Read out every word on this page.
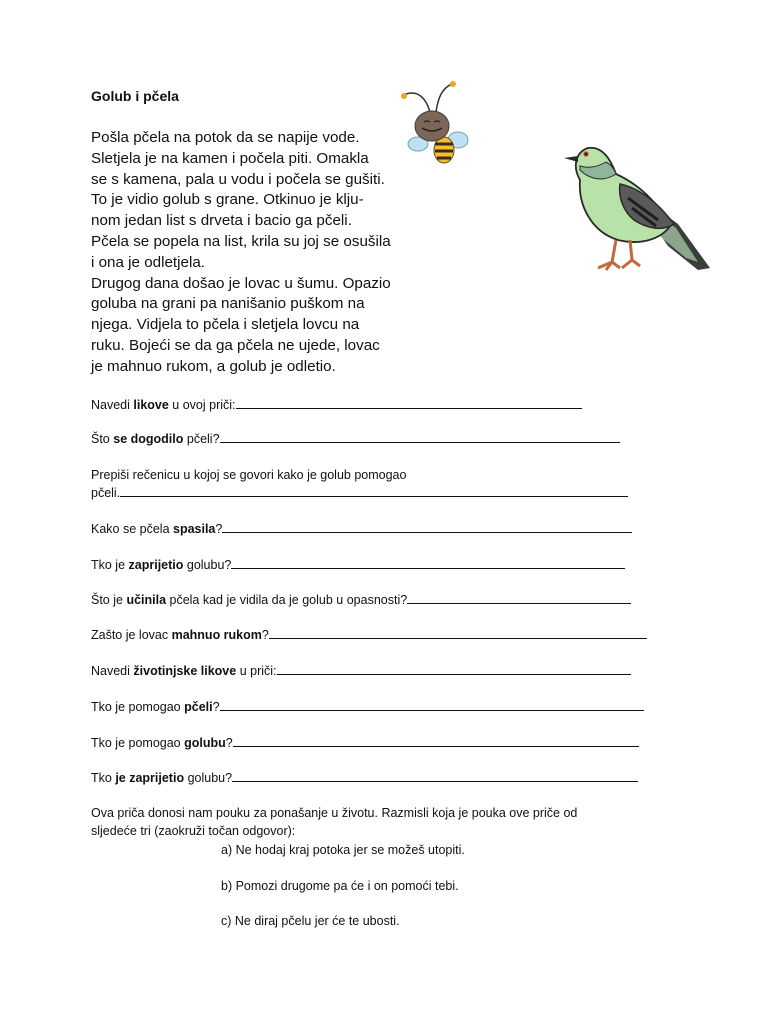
Golub i pčela
Pošla pčela na potok da se napije vode.
Sletjela je na kamen i počela piti. Omakla
se s kamena, pala u vodu i počela se gušiti.
To je vidio golub s grane. Otkinuo je klju-
nom jedan list s drveta i bacio ga pčeli.
Pčela se popela na list, krila su joj se osušila
i ona je odletjela.
Drugog dana došao je lovac u šumu. Opazio
goluba na grani pa nanišanio puškom na
njega. Vidjela to pčela i sletjela lovcu na
ruku. Bojeći se da ga pčela ne ujede, lovac
je mahnuo rukom, a golub je odletio.
Navedi likove u ovoj priči:
Što se dogodilo pčeli?
Prepiši rečenicu u kojoj se govori kako je golub pomogao
pčeli.
Kako se pčela spasila?
Tko je zaprijetio golubu?
Što je učinila pčela kad je vidila da je golub u opasnosti?
Zašto je lovac mahnuo rukom?
Navedi životinjske likove u priči:
Tko je pomogao pčeli?
Tko je pomogao golubu?
Tko je zaprijetio golubu?
Ova priča donosi nam pouku za ponašanje u životu. Razmisli koja je pouka ove priče od
sljedeće tri (zaokruži točan odgovor):
a) Ne hodaj kraj potoka jer se možeš utopiti.
b) Pomozi drugome pa će i on pomoći tebi.
c) Ne diraj pčelu jer će te ubosti.
